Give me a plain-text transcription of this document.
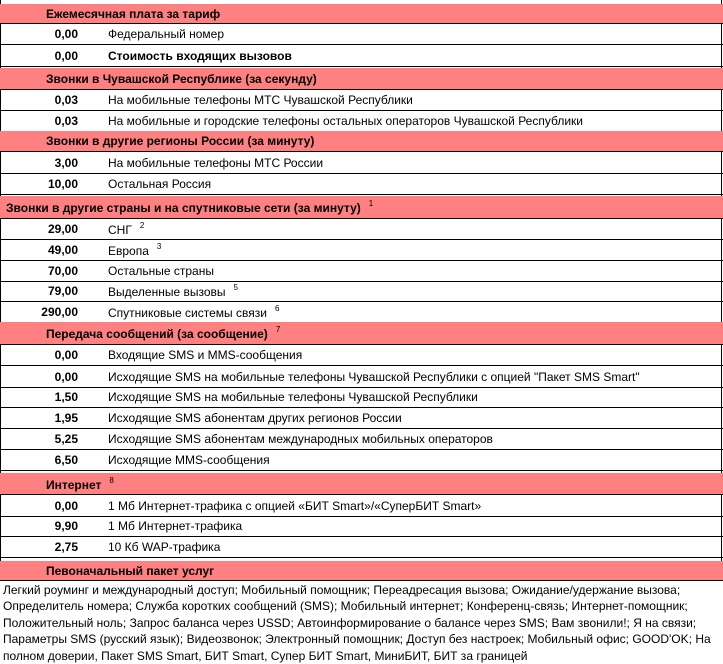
Ежемесячная плата за тариф
0,00	Федеральный номер
0,00	Стоимость входящих вызовов
Звонки в Чувашской Республике (за секунду)
0,03	На мобильные телефоны МТС Чувашской Республики
0,03	На мобильные и городские телефоны остальных операторов Чувашской Республики
Звонки в другие регионы России (за минуту)
3,00	На мобильные телефоны МТС России
10,00	Остальная Россия
Звонки в другие страны и на спутниковые сети (за минуту) $^1$
29,00	СНГ $^2$
49,00	Европа $^3$
70,00	Остальные страны
79,00	Выделенные вызовы $^5$
290,00	Спутниковые системы связи $^6$
Передача сообщений (за сообщение) $^7$
0,00	Входящие SMS и MMS-сообщения
0,00	Исходящие SMS на мобильные телефоны Чувашской Республики с опцией "Пакет SMS Smart"
1,50	Исходящие SMS на мобильные телефоны Чувашской Республики
1,95	Исходящие SMS абонентам других регионов России
5,25	Исходящие SMS абонентам международных мобильных операторов
6,50	Исходящие MMS-сообщения
Интернет $^8$
0,00	1 Мб Интернет-трафика с опцией «БИТ Smart»/«СуперБИТ Smart»
9,90	1 Мб Интернет-трафика
2,75	10 Кб WAP-трафика
Певоначальный пакет услуг
Легкий роуминг и международный доступ; Мобильный помощник; Переадресация вызова; Ожидание/удержание вызова;
Определитель номера; Служба коротких сообщений (SMS); Мобильный интернет; Конференц-связь; Интернет-помощник;
Положительный ноль; Запрос баланса через USSD; Автоинформирование о балансе через SMS; Вам звонили!; Я на связи;
Параметры SMS (русский язык); Видеозвонок; Электронный помощник; Доступ без настроек; Мобильный офис; GOOD'OK; На
полном доверии, Пакет SMS Smart, БИТ Smart, Супер БИТ Smart, МиниБИТ, БИТ за границей
